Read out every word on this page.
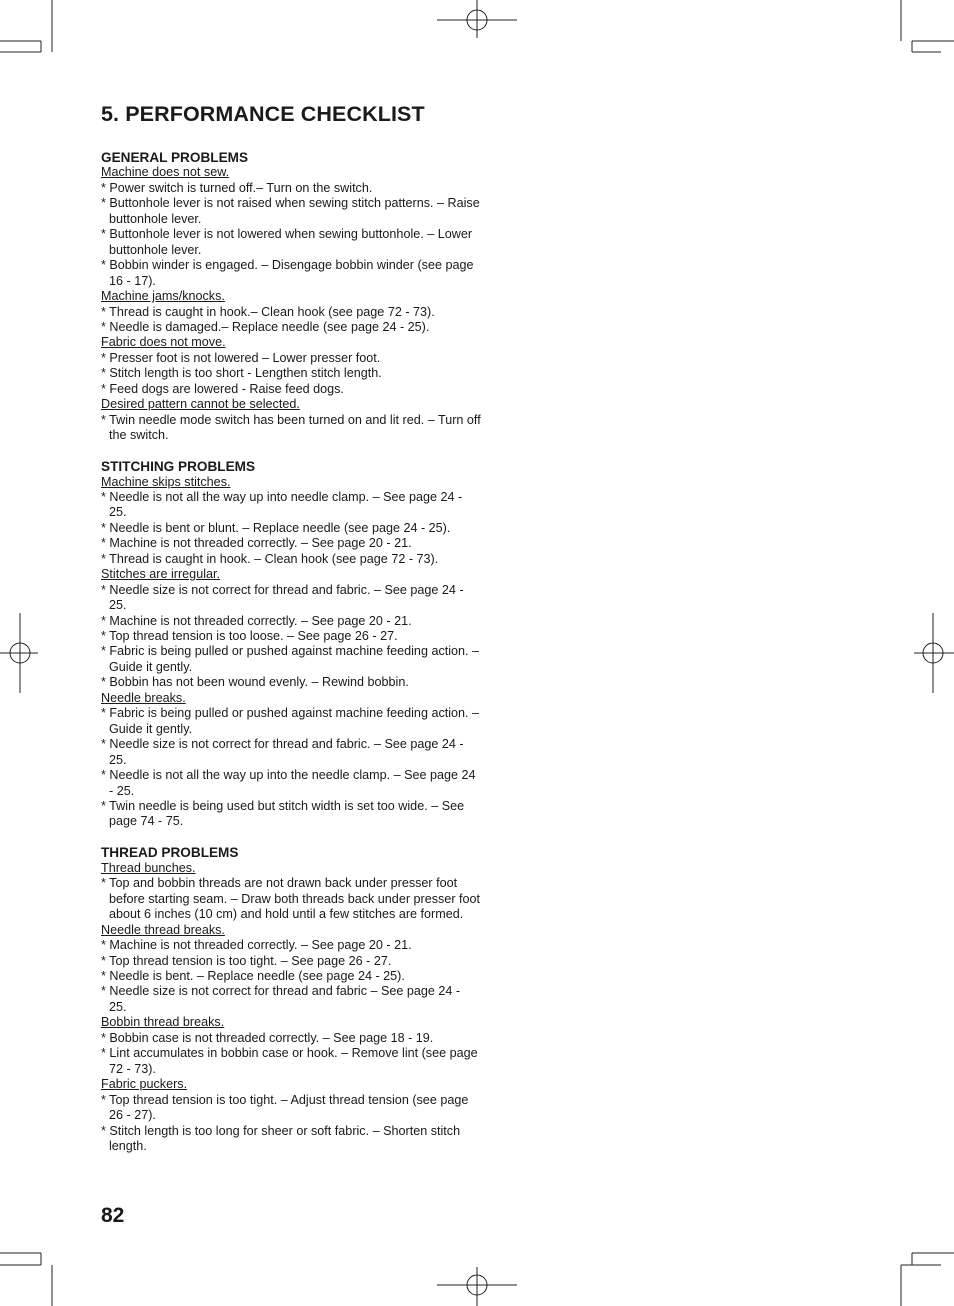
5. PERFORMANCE CHECKLIST
GENERAL PROBLEMS
Machine does not sew.
* Power switch is turned off.– Turn on the switch.
* Buttonhole lever is not raised when sewing stitch patterns. – Raise buttonhole lever.
* Buttonhole lever is not lowered when sewing buttonhole. – Lower buttonhole lever.
* Bobbin winder is engaged. – Disengage bobbin winder (see page 16 - 17).
Machine jams/knocks.
* Thread is caught in hook.– Clean hook (see page 72 - 73).
* Needle is damaged.– Replace needle (see page 24 - 25).
Fabric does not move.
* Presser foot is not lowered – Lower presser foot.
* Stitch length is too short - Lengthen stitch length.
* Feed dogs are lowered - Raise feed dogs.
Desired pattern cannot be selected.
* Twin needle mode switch has been turned on and lit red. – Turn off the switch.
STITCHING PROBLEMS
Machine skips stitches.
* Needle is not all the way up into needle clamp. – See page 24 - 25.
* Needle is bent or blunt. – Replace needle (see page 24 - 25).
* Machine is not threaded correctly. – See page 20 - 21.
* Thread is caught in hook. – Clean hook (see page 72 - 73).
Stitches are irregular.
* Needle size is not correct for thread and fabric. – See page 24 - 25.
* Machine is not threaded correctly. – See page 20 - 21.
* Top thread tension is too loose. – See page 26 - 27.
* Fabric is being pulled or pushed against machine feeding action. – Guide it gently.
* Bobbin has not been wound evenly. – Rewind bobbin.
Needle breaks.
* Fabric is being pulled or pushed against machine feeding action. – Guide it gently.
* Needle size is not correct for thread and fabric. – See page 24 - 25.
* Needle is not all the way up into the needle clamp. – See page 24 - 25.
* Twin needle is being used but stitch width is set too wide. – See page 74 - 75.
THREAD PROBLEMS
Thread bunches.
* Top and bobbin threads are not drawn back under presser foot before starting seam. – Draw both threads back under presser foot about 6 inches (10 cm) and hold until a few stitches are formed.
Needle thread breaks.
* Machine is not threaded correctly. – See page 20 - 21.
* Top thread tension is too tight. – See page 26 - 27.
* Needle is bent. – Replace needle (see page 24 - 25).
* Needle size is not correct for thread and fabric – See page 24 - 25.
Bobbin thread breaks.
* Bobbin case is not threaded correctly. – See page 18 - 19.
* Lint accumulates in bobbin case or hook. – Remove lint (see page 72 - 73).
Fabric puckers.
* Top thread tension is too tight. – Adjust thread tension (see page 26 - 27).
* Stitch length is too long for sheer or soft fabric. – Shorten stitch length.
82
